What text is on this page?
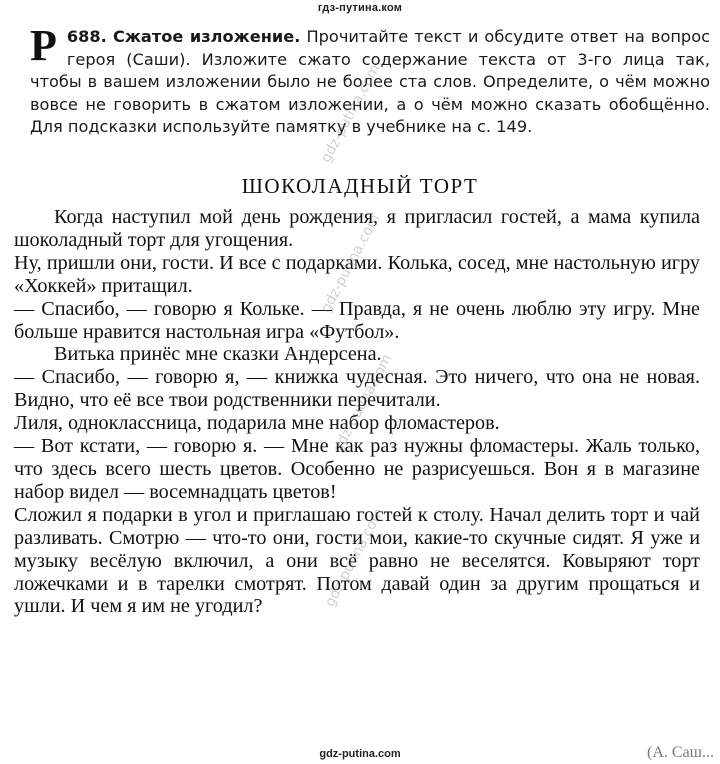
гдз-путина.ком
Р 688. Сжатое изложение. Прочитайте текст и обсудите ответ на вопрос героя (Саши). Изложите сжато содержание текста от 3-го лица так, чтобы в вашем изложении было не более ста слов. Определите, о чём можно вовсе не говорить в сжатом изложении, а о чём можно сказать обобщённо. Для подсказки используйте памятку в учебнике на с. 149.
ШОКОЛАДНЫЙ ТОРТ

Когда наступил мой день рождения, я пригласил гостей, а мама купила шоколадный торт для угощения.

Ну, пришли они, гости. И все с подарками. Колька, сосед, мне настольную игру «Хоккей» притащил.

— Спасибо, — говорю я Кольке. — Правда, я не очень люблю эту игру. Мне больше нравится настольная игра «Футбол».

Витька принёс мне сказки Андерсена.

— Спасибо, — говорю я, — книжка чудесная. Это ничего, что она не новая. Видно, что её все твои родственники перечитали.

Лиля, одноклассница, подарила мне набор фломастеров.

— Вот кстати, — говорю я. — Мне как раз нужны фломастеры. Жаль только, что здесь всего шесть цветов. Особенно не разрисуешься. Вон я в магазине набор видел — восемнадцать цветов!

Сложил я подарки в угол и приглашаю гостей к столу. Начал делить торт и чай разливать. Смотрю — что-то они, гости мои, какие-то скучные сидят. Я уже и музыку весёлую включил, а они всё равно не веселятся. Ковыряют торт ложечками и в тарелки смотрят. Потом давай один за другим прощаться и ушли. И чем я им не угодил?

gdz-putina.com
gdz-putina.com
gdz-putina.com
gdz-putina.com
(А. Саш...
gdz-putina.com
